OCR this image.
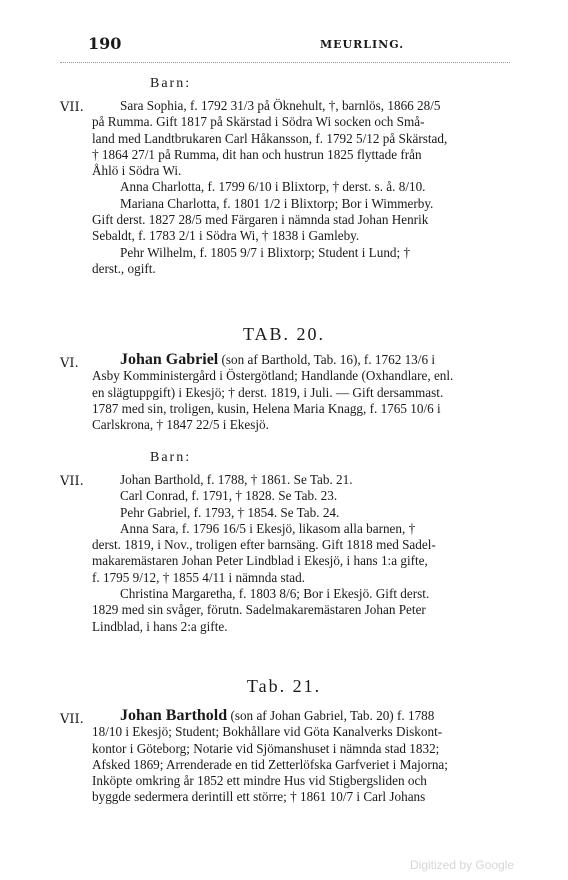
190	MEURLING.
Barn:
VII.	Sara Sophia, f. 1792 31/3 på Öknehult, †, barnlös, 1866 28/5
på Rumma. Gift 1817 på Skärstad i Södra Wi socken och Små-
land med Landtbrukaren Carl Håkansson, f. 1792 5/12 på Skärstad,
† 1864 27/1 på Rumma, dit han och hustrun 1825 flyttade från
Åhlö i Södra Wi.
Anna Charlotta, f. 1799 6/10 i Blixtorp, † derst. s. å. 8/10.
Mariana Charlotta, f. 1801 1/2 i Blixtorp; Bor i Wimmerby.
Gift derst. 1827 28/5 med Färgaren i nämnda stad Johan Henrik
Sebaldt, f. 1783 2/1 i Södra Wi, † 1838 i Gamleby.
Pehr Wilhelm, f. 1805 9/7 i Blixtorp; Student i Lund; †
derst., ogift.
TAB. 20.
VI.	Johan Gabriel (son af Barthold, Tab. 16), f. 1762 13/6 i
Asby Komministergård i Östergötland; Handlande (Oxhandlare, enl.
en slägtuppgift) i Ekesjö; † derst. 1819, i Juli. — Gift dersammast.
1787 med sin, troligen, kusin, Helena Maria Knagg, f. 1765 10/6 i
Carlskrona, † 1847 22/5 i Ekesjö.
Barn:
VII.	Johan Barthold, f. 1788, † 1861. Se Tab. 21.
Carl Conrad, f. 1791, † 1828. Se Tab. 23.
Pehr Gabriel, f. 1793, † 1854. Se Tab. 24.
Anna Sara, f. 1796 16/5 i Ekesjö, likasom alla barnen, †
derst. 1819, i Nov., troligen efter barnsäng. Gift 1818 med Sadel-
makaremästaren Johan Peter Lindblad i Ekesjö, i hans 1:a gifte,
f. 1795 9/12, † 1855 4/11 i nämnda stad.
Christina Margaretha, f. 1803 8/6; Bor i Ekesjö. Gift derst.
1829 med sin svåger, förutn. Sadelmakaremästaren Johan Peter
Lindblad, i hans 2:a gifte.
Tab. 21.
VII.	Johan Barthold (son af Johan Gabriel, Tab. 20) f. 1788
18/10 i Ekesjö; Student; Bokhållare vid Göta Kanalverks Diskont-
kontor i Göteborg; Notarie vid Sjömanshuset i nämnda stad 1832;
Afsked 1869; Arrenderade en tid Zetterlöfska Garfveriet i Majorna;
Inköpte omkring år 1852 ett mindre Hus vid Stigbergsliden och
byggde sedermera derintill ett större; † 1861 10/7 i Carl Johans
Digitized by Google
